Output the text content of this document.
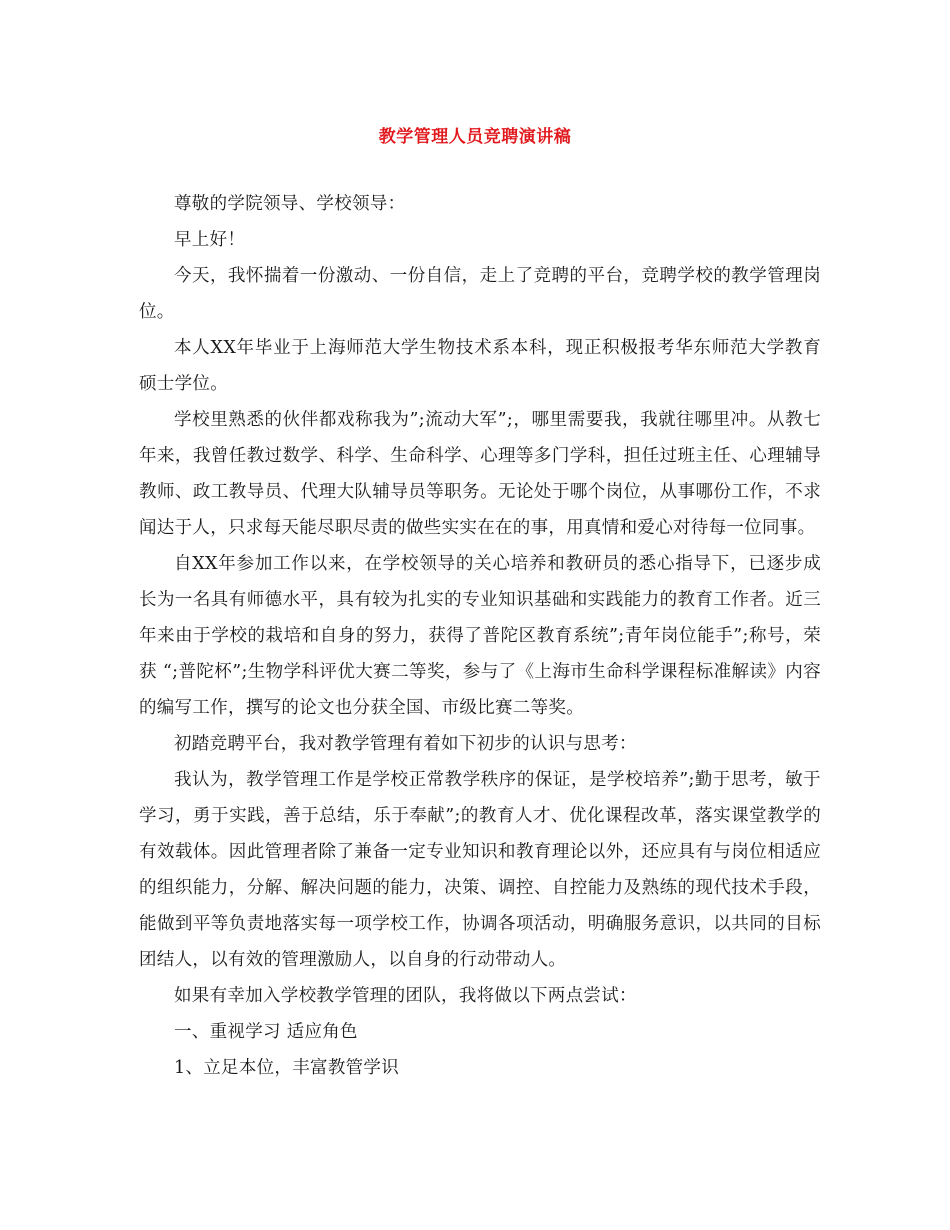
教学管理人员竞聘演讲稿

尊敬的学院领导、学校领导：

早上好！

今天，我怀揣着一份激动、一份自信，走上了竞聘的平台，竞聘学校的教学管理岗位。

本人XX年毕业于上海师范大学生物技术系本科，现正积极报考华东师范大学教育硕士学位。

学校里熟悉的伙伴都戏称我为”;流动大军”;，哪里需要我，我就往哪里冲。从教七年来，我曾任教过数学、科学、生命科学、心理等多门学科，担任过班主任、心理辅导教师、政工教导员、代理大队辅导员等职务。无论处于哪个岗位，从事哪份工作，不求闻达于人，只求每天能尽职尽责的做些实实在在的事，用真情和爱心对待每一位同事。

自XX年参加工作以来，在学校领导的关心培养和教研员的悉心指导下，已逐步成长为一名具有师德水平，具有较为扎实的专业知识基础和实践能力的教育工作者。近三年来由于学校的栽培和自身的努力，获得了普陀区教育系统”;青年岗位能手”;称号，荣获 “;普陀杯”;生物学科评优大赛二等奖，参与了《上海市生命科学课程标准解读》内容的编写工作，撰写的论文也分获全国、市级比赛二等奖。

初踏竞聘平台，我对教学管理有着如下初步的认识与思考：

我认为，教学管理工作是学校正常教学秩序的保证，是学校培养”;勤于思考，敏于学习，勇于实践，善于总结，乐于奉献”;的教育人才、优化课程改革，落实课堂教学的有效载体。因此管理者除了兼备一定专业知识和教育理论以外，还应具有与岗位相适应的组织能力，分解、解决问题的能力，决策、调控、自控能力及熟练的现代技术手段，能做到平等负责地落实每一项学校工作，协调各项活动，明确服务意识，以共同的目标团结人，以有效的管理激励人，以自身的行动带动人。

如果有幸加入学校教学管理的团队，我将做以下两点尝试：

一、重视学习 适应角色

1、立足本位，丰富教管学识
